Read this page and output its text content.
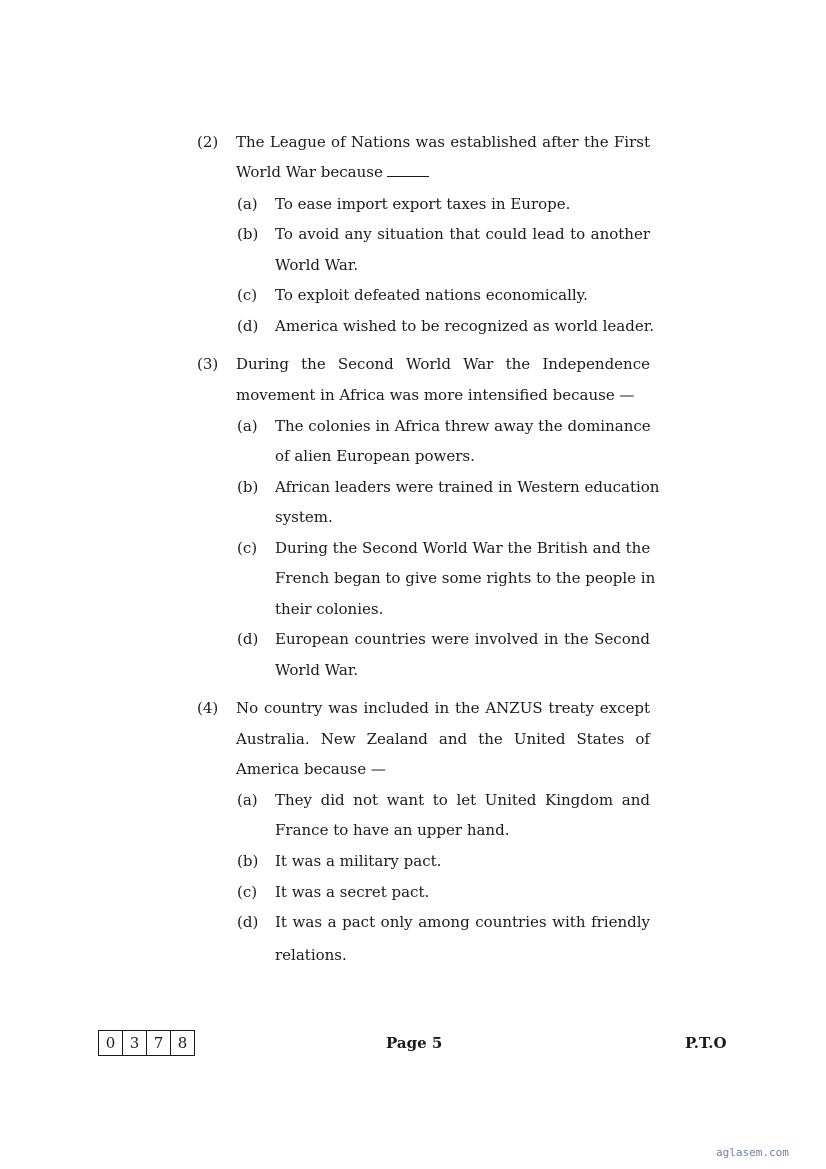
(2) The League of Nations was established after the First
World War because
(a) To ease import export taxes in Europe.
(b) To avoid any situation that could lead to another
World War.
(c) To exploit defeated nations economically.
(d) America wished to be recognized as world leader.
(3) During the Second World War the Independence
movement in Africa was more intensified because —
(a) The colonies in Africa threw away the dominance
of alien European powers.
(b) African leaders were trained in Western education
system.
(c) During the Second World War the British and the
French began to give some rights to the people in
their colonies.
(d) European countries were involved in the Second
World War.
(4) No country was included in the ANZUS treaty except
Australia. New Zealand and the United States of
America because —
(a) They did not want to let United Kingdom and
France to have an upper hand.
(b) It was a military pact.
(c) It was a secret pact.
(d) It was a pact only among countries with friendly
relations.
0 3 7 8	Page 5	P.T.O
aglasem.com
